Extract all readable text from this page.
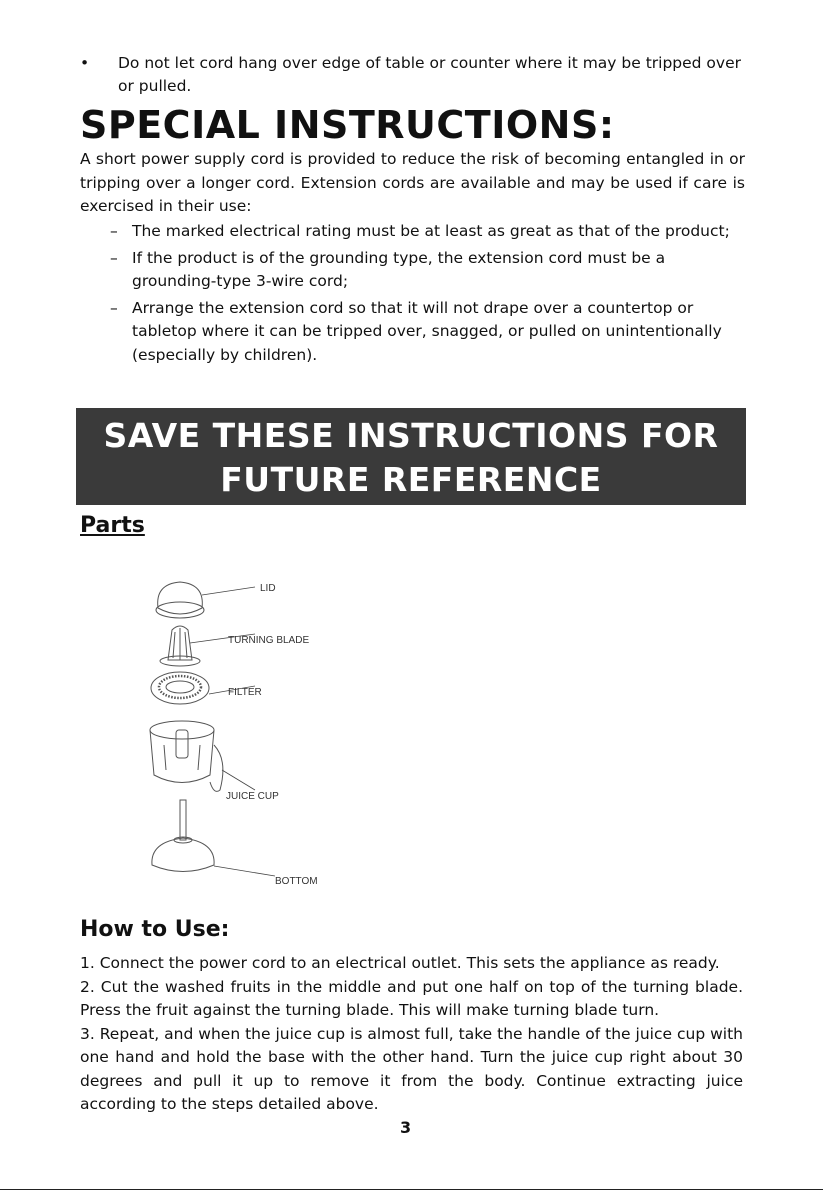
•	Do not let cord hang over edge of table or counter where it may be tripped over or pulled.
SPECIAL INSTRUCTIONS:
A short power supply cord is provided to reduce the risk of becoming entangled in or tripping over a longer cord. Extension cords are available and may be used if care is exercised in their use:
– The marked electrical rating must be at least as great as that of the product;
– If the product is of the grounding type, the extension cord must be a grounding-type 3-wire cord;
– Arrange the extension cord so that it will not drape over a countertop or tabletop where it can be tripped over, snagged, or pulled on unintentionally (especially by children).
SAVE THESE INSTRUCTIONS FOR
FUTURE REFERENCE
Parts
LID
TURNING BLADE
FILTER
JUICE CUP
BOTTOM
How to Use:

1. Connect the power cord to an electrical outlet. This sets the appliance as ready.

2. Cut the washed fruits in the middle and put one half on top of the turning blade. Press the fruit against the turning blade. This will make turning blade turn.

3. Repeat, and when the juice cup is almost full, take the handle of the juice cup with one hand and hold the base with the other hand. Turn the juice cup right about 30 degrees and pull it up to remove it from the body. Continue extracting juice according to the steps detailed above.

3
